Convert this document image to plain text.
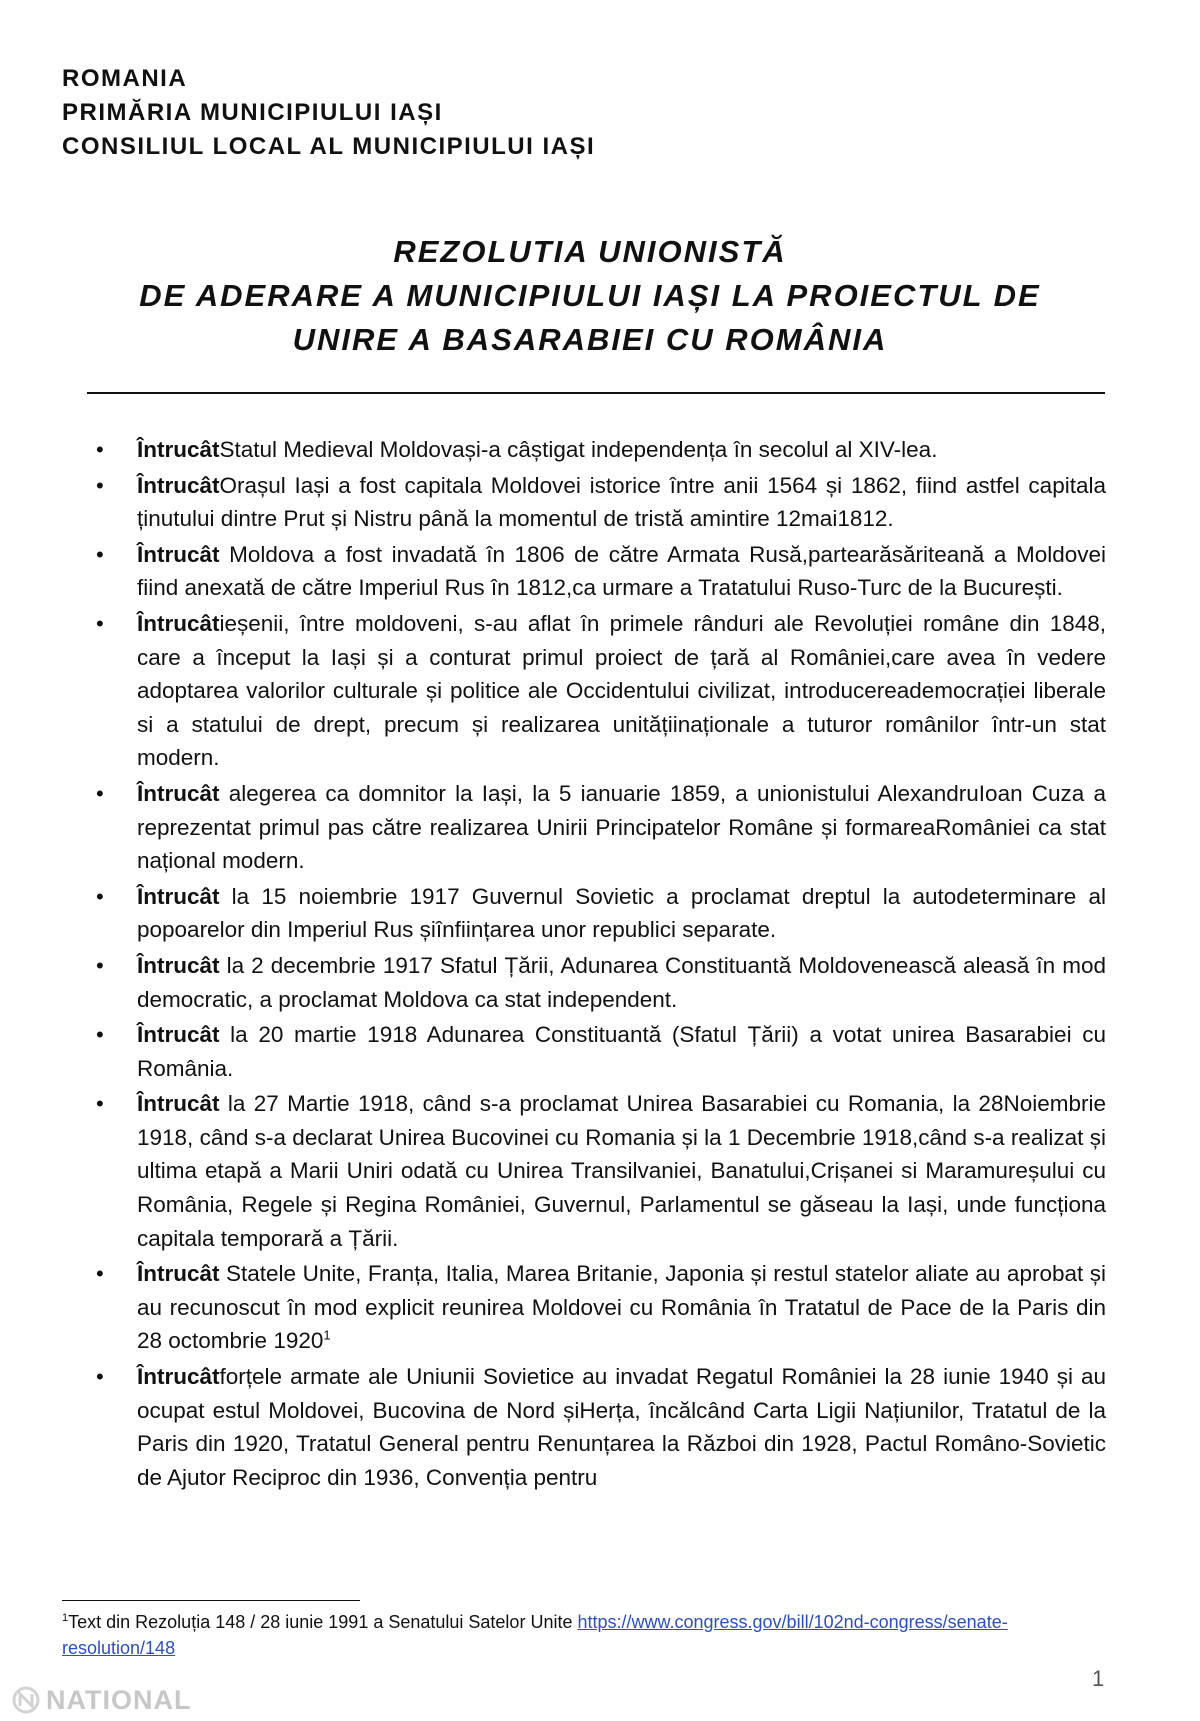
ROMANIA
PRIMĂRIA MUNICIPIULUI IAȘI
CONSILIUL LOCAL AL MUNICIPIULUI IAȘI
REZOLUTIA UNIONISTĂ
DE ADERARE A MUNICIPIULUI IAȘI LA PROIECTUL DE
UNIRE A BASARABIEI CU ROMÂNIA
• ÎntrucâtStatul Medieval Moldovași-a câștigat independența în secolul al XIV-lea.
• ÎntrucâtOrașul Iași a fost capitala Moldovei istorice între anii 1564 și 1862, fiind astfel capitala ținutului dintre Prut și Nistru până la momentul de tristă amintire 12mai1812.
• Întrucât Moldova a fost invadată în 1806 de către Armata Rusă,partearăsăriteană a Moldovei fiind anexată de către Imperiul Rus în 1812,ca urmare a Tratatului Ruso-Turc de la București.
• Întrucâtieșenii, între moldoveni, s-au aflat în primele rânduri ale Revoluției române din 1848, care a început la Iași și a conturat primul proiect de țară al României,care avea în vedere adoptarea valorilor culturale și politice ale Occidentului civilizat, introducereademocrației liberale si a statului de drept, precum și realizarea unitățiinaționale a tuturor românilor într-un stat modern.
• Întrucât alegerea ca domnitor la Iași, la 5 ianuarie 1859, a unionistului AlexandruIoan Cuza a reprezentat primul pas către realizarea Unirii Principatelor Române și formareaRomâniei ca stat național modern.
• Întrucât la 15 noiembrie 1917 Guvernul Sovietic a proclamat dreptul la autodeterminare al popoarelor din Imperiul Rus șiînființarea unor republici separate.
• Întrucât la 2 decembrie 1917 Sfatul Țării, Adunarea Constituantă Moldovenească aleasă în mod democratic, a proclamat Moldova ca stat independent.
• Întrucât la 20 martie 1918 Adunarea Constituantă (Sfatul Țării) a votat unirea Basarabiei cu România.
• Întrucât la 27 Martie 1918, când s-a proclamat Unirea Basarabiei cu Romania, la 28Noiembrie 1918, când s-a declarat Unirea Bucovinei cu Romania și la 1 Decembrie 1918,când s-a realizat și ultima etapă a Marii Uniri odată cu Unirea Transilvaniei, Banatului,Crișanei si Maramureșului cu România, Regele și Regina României, Guvernul, Parlamentul se găseau la Iași, unde funcționa capitala temporară a Țării.
• Întrucât Statele Unite, Franța, Italia, Marea Britanie, Japonia și restul statelor aliate au aprobat și au recunoscut în mod explicit reunirea Moldovei cu România în Tratatul de Pace de la Paris din 28 octombrie 1920$^1$
• Întrucâtforțele armate ale Uniunii Sovietice au invadat Regatul României la 28 iunie 1940 și au ocupat estul Moldovei, Bucovina de Nord șiHerța, încălcând Carta Ligii Națiunilor, Tratatul de la Paris din 1920, Tratatul General pentru Renunțarea la Război din 1928, Pactul Româno-Sovietic de Ajutor Reciproc din 1936, Convenția pentru
$^1$Text din Rezoluția 148 / 28 iunie 1991 a Senatului Satelor Unite https://www.congress.gov/bill/102nd-congress/senate-resolution/148
1
NATIONAL
